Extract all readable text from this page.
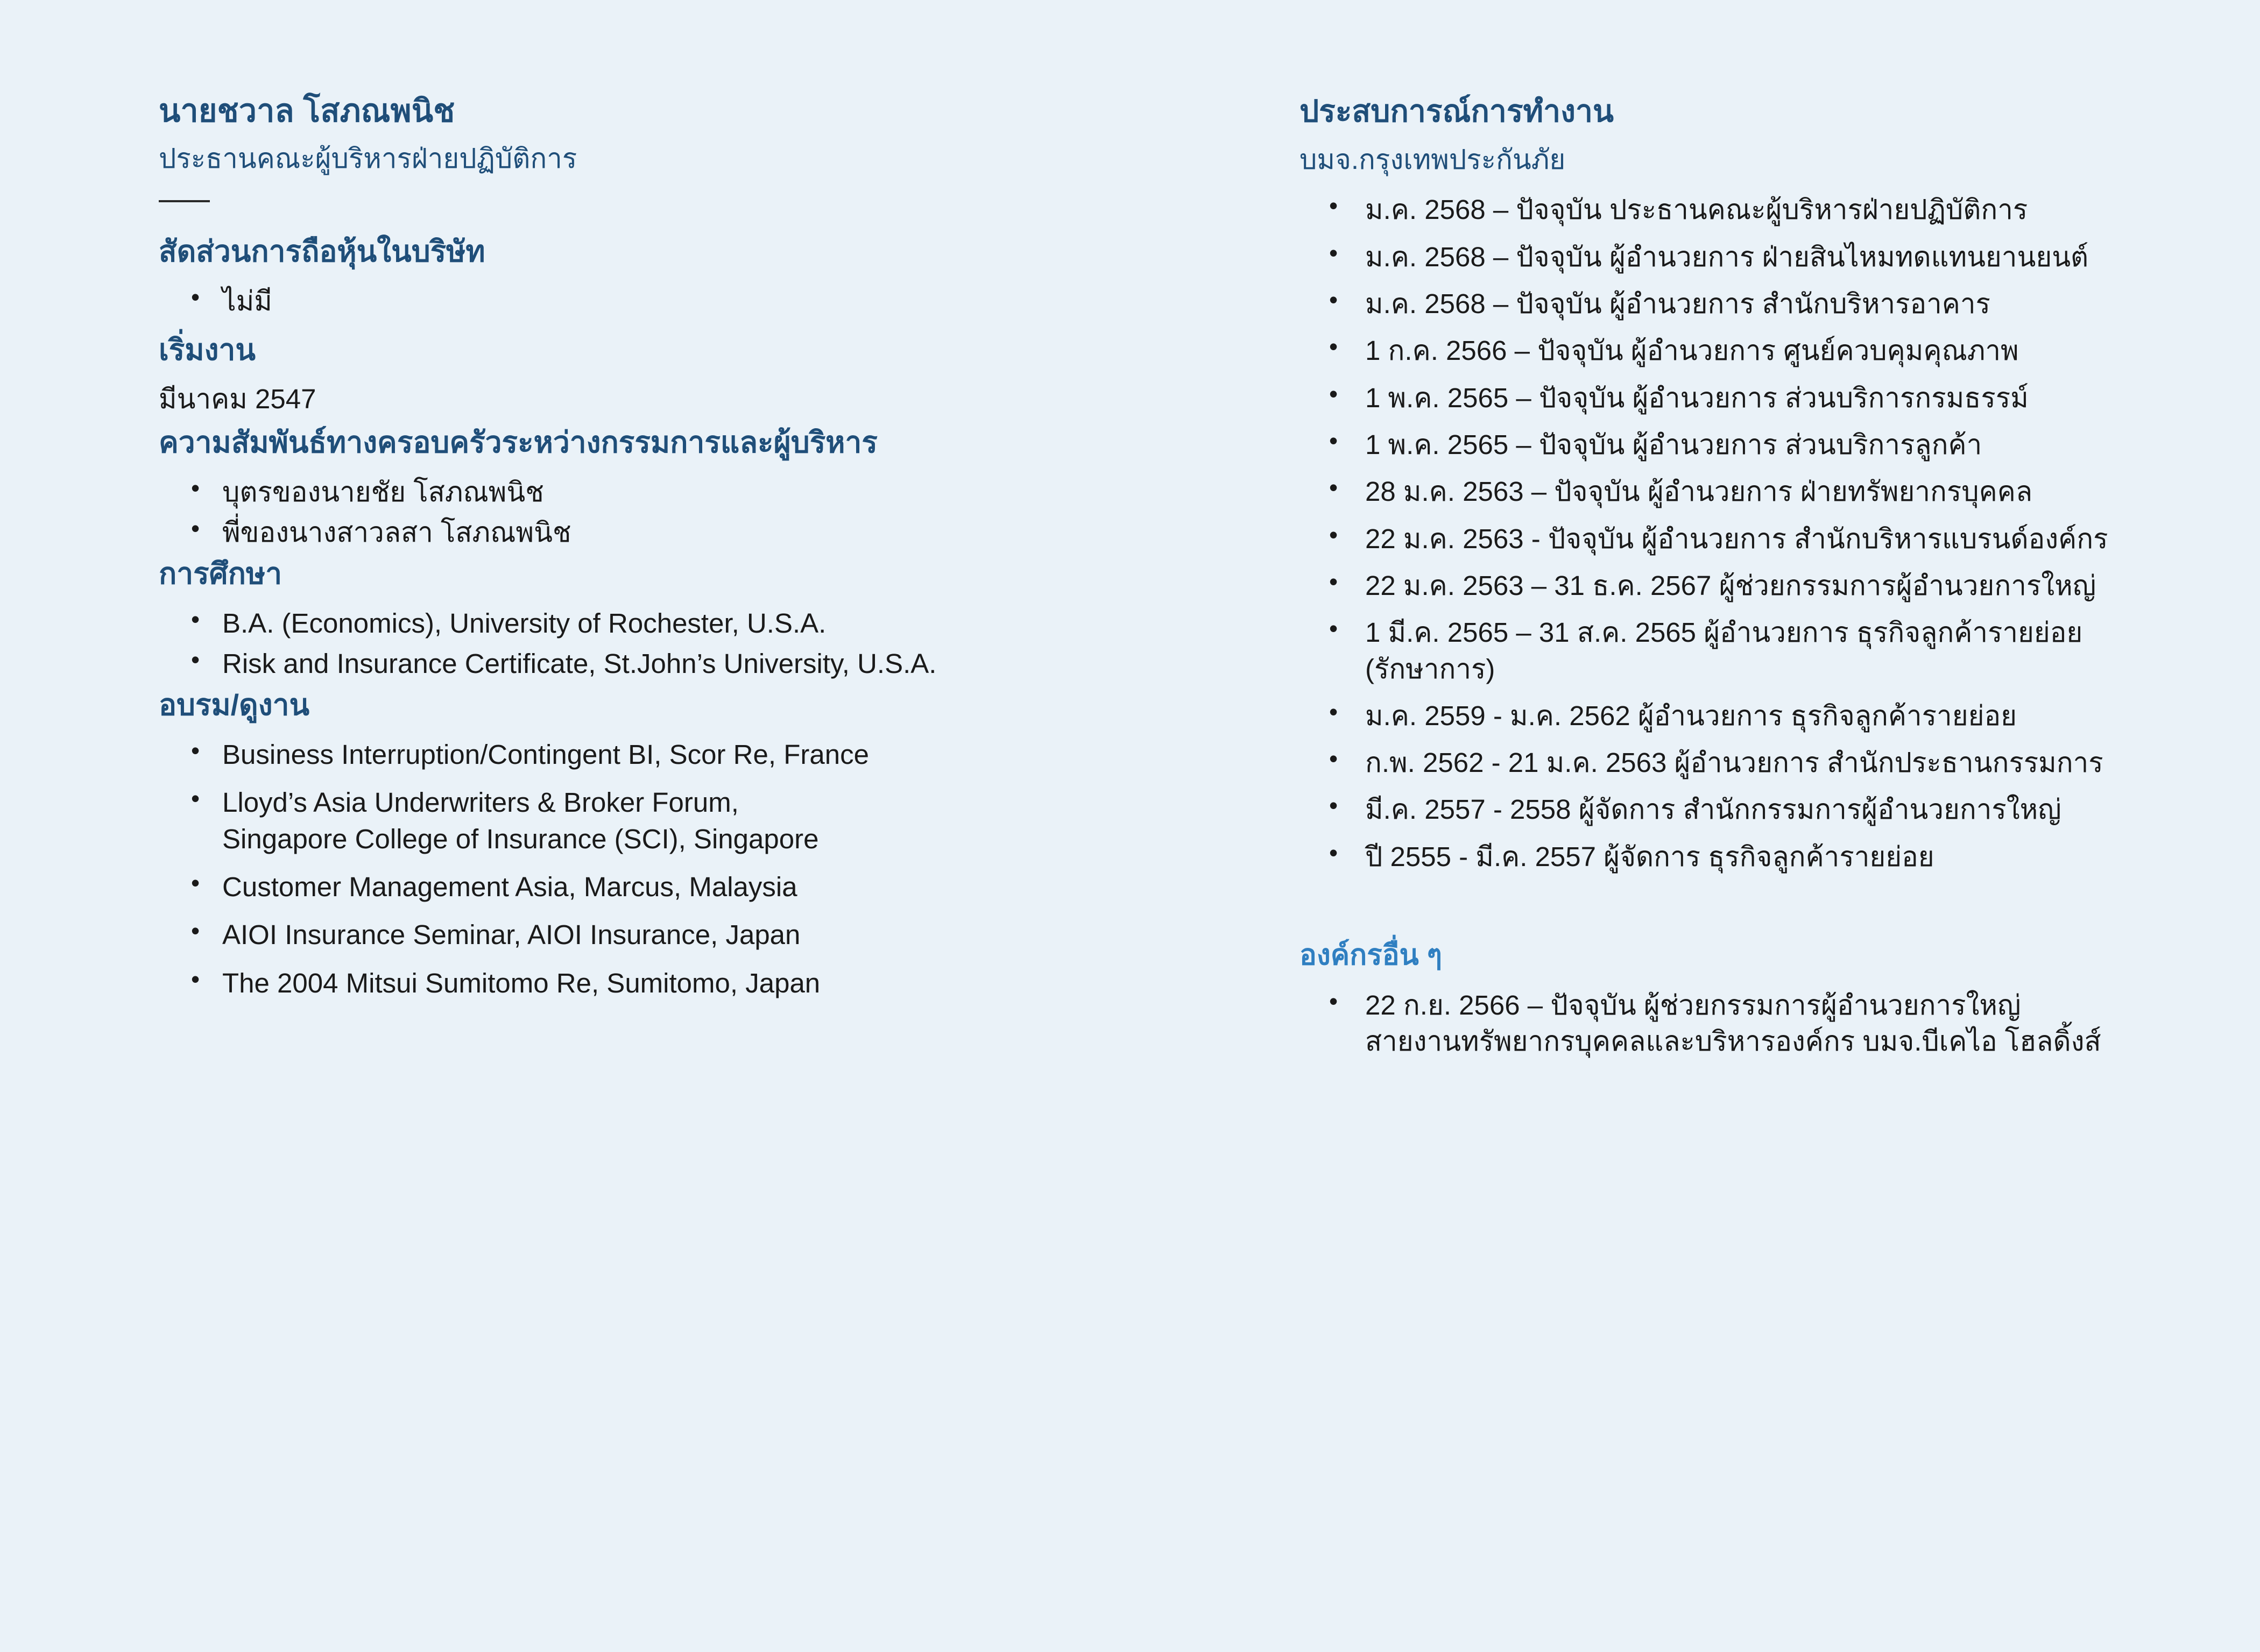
นายชวาล โสภณพนิช
ประธานคณะผู้บริหารฝ่ายปฏิบัติการ
สัดส่วนการถือหุ้นในบริษัท
• ไม่มี
เริ่มงาน

มีนาคม 2547

ความสัมพันธ์ทางครอบครัวระหว่างกรรมการและผู้บริหาร
• บุตรของนายชัย โสภณพนิช
• พี่ของนางสาวลสา โสภณพนิช
การศึกษา
• B.A. (Economics), University of Rochester, U.S.A.
• Risk and Insurance Certificate, St.John’s University, U.S.A.
อบรม/ดูงาน
• Business Interruption/Contingent BI, Scor Re, France
• Lloyd’s Asia Underwriters & Broker Forum,
Singapore College of Insurance (SCI), Singapore
• Customer Management Asia, Marcus, Malaysia
• AIOI Insurance Seminar, AIOI Insurance, Japan
• The 2004 Mitsui Sumitomo Re, Sumitomo, Japan
ประสบการณ์การทำงาน

บมจ.กรุงเทพประกันภัย

• ม.ค. 2568 – ปัจจุบัน ประธานคณะผู้บริหารฝ่ายปฏิบัติการ
• ม.ค. 2568 – ปัจจุบัน ผู้อำนวยการ ฝ่ายสินไหมทดแทนยานยนต์
• ม.ค. 2568 – ปัจจุบัน ผู้อำนวยการ สำนักบริหารอาคาร
• 1 ก.ค. 2566 – ปัจจุบัน ผู้อำนวยการ ศูนย์ควบคุมคุณภาพ
• 1 พ.ค. 2565 – ปัจจุบัน ผู้อำนวยการ ส่วนบริการกรมธรรม์
• 1 พ.ค. 2565 – ปัจจุบัน ผู้อำนวยการ ส่วนบริการลูกค้า
• 28 ม.ค. 2563 – ปัจจุบัน ผู้อำนวยการ ฝ่ายทรัพยากรบุคคล
• 22 ม.ค. 2563 - ปัจจุบัน ผู้อำนวยการ สำนักบริหารแบรนด์องค์กร
• 22 ม.ค. 2563 – 31 ธ.ค. 2567 ผู้ช่วยกรรมการผู้อำนวยการใหญ่
• 1 มี.ค. 2565 – 31 ส.ค. 2565 ผู้อำนวยการ ธุรกิจลูกค้ารายย่อย
(รักษาการ)
• ม.ค. 2559 - ม.ค. 2562 ผู้อำนวยการ ธุรกิจลูกค้ารายย่อย
• ก.พ. 2562 - 21 ม.ค. 2563 ผู้อำนวยการ สำนักประธานกรรมการ
• มี.ค. 2557 - 2558 ผู้จัดการ สำนักกรรมการผู้อำนวยการใหญ่
• ปี 2555 - มี.ค. 2557 ผู้จัดการ ธุรกิจลูกค้ารายย่อย
องค์กรอื่น ๆ
• 22 ก.ย. 2566 – ปัจจุบัน ผู้ช่วยกรรมการผู้อำนวยการใหญ่
สายงานทรัพยากรบุคคลและบริหารองค์กร บมจ.บีเคไอ โฮลดิ้งส์
